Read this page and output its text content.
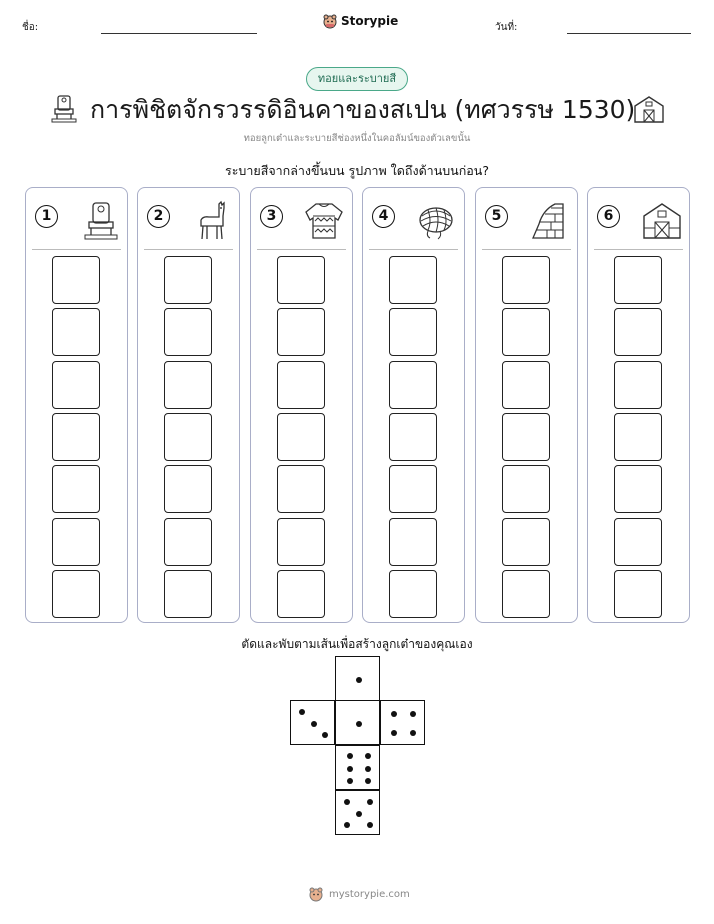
ชื่อ:	Storypie	วันที่:
ทอยและระบายสี
การพิชิตจักรวรรดิอินคาของสเปน (ทศวรรษ 1530)
ทอยลูกเต๋าและระบายสีช่องหนึ่งในคอลัมน์ของตัวเลขนั้น
ระบายสีจากล่างขึ้นบน รูปภาพ ใดถึงด้านบนก่อน?
1	2	3	4	5	6
ตัดและพับตามเส้นเพื่อสร้างลูกเต๋าของคุณเอง
mystorypie.com
